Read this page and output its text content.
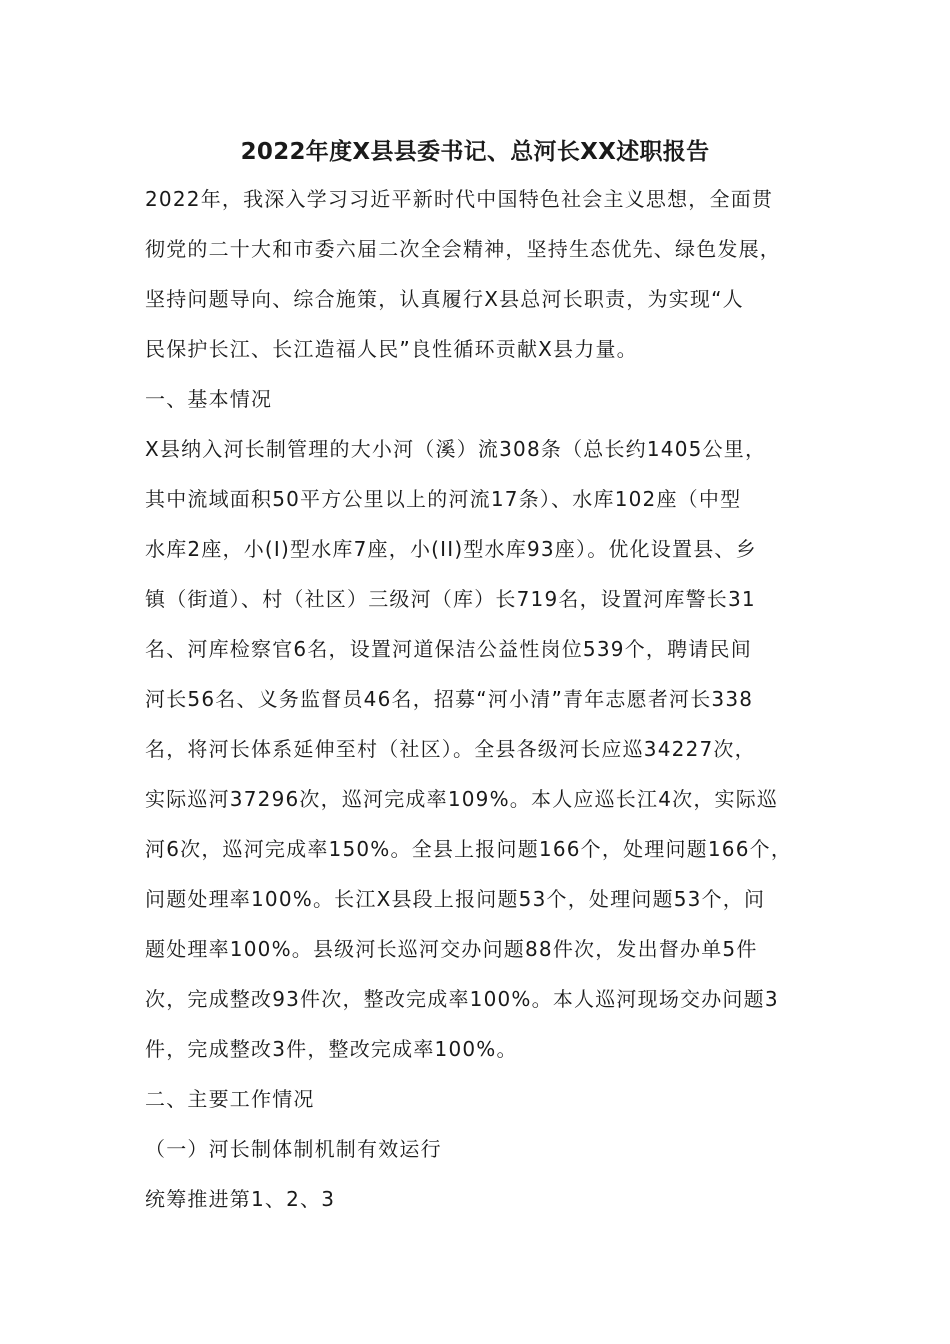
2022年度X县县委书记、总河长XX述职报告
2022年，我深入学习习近平新时代中国特色社会主义思想，全面贯
彻党的二十大和市委六届二次全会精神，坚持生态优先、绿色发展，
坚持问题导向、综合施策，认真履行X县总河长职责，为实现“人
民保护长江、长江造福人民”良性循环贡献X县力量。
一、基本情况
X县纳入河长制管理的大小河（溪）流308条（总长约1405公里，
其中流域面积50平方公里以上的河流17条）、水库102座（中型
水库2座，小(I)型水库7座，小(II)型水库93座）。优化设置县、乡
镇（街道）、村（社区）三级河（库）长719名，设置河库警长31
名、河库检察官6名，设置河道保洁公益性岗位539个，聘请民间
河长56名、义务监督员46名，招募“河小清”青年志愿者河长338
名，将河长体系延伸至村（社区）。全县各级河长应巡34227次，
实际巡河37296次，巡河完成率109%。本人应巡长江4次，实际巡
河6次，巡河完成率150%。全县上报问题166个，处理问题166个，
问题处理率100%。长江X县段上报问题53个，处理问题53个，问
题处理率100%。县级河长巡河交办问题88件次，发出督办单5件
次，完成整改93件次，整改完成率100%。本人巡河现场交办问题3
件，完成整改3件，整改完成率100%。
二、主要工作情况
（一）河长制体制机制有效运行
统筹推进第1、2、3
